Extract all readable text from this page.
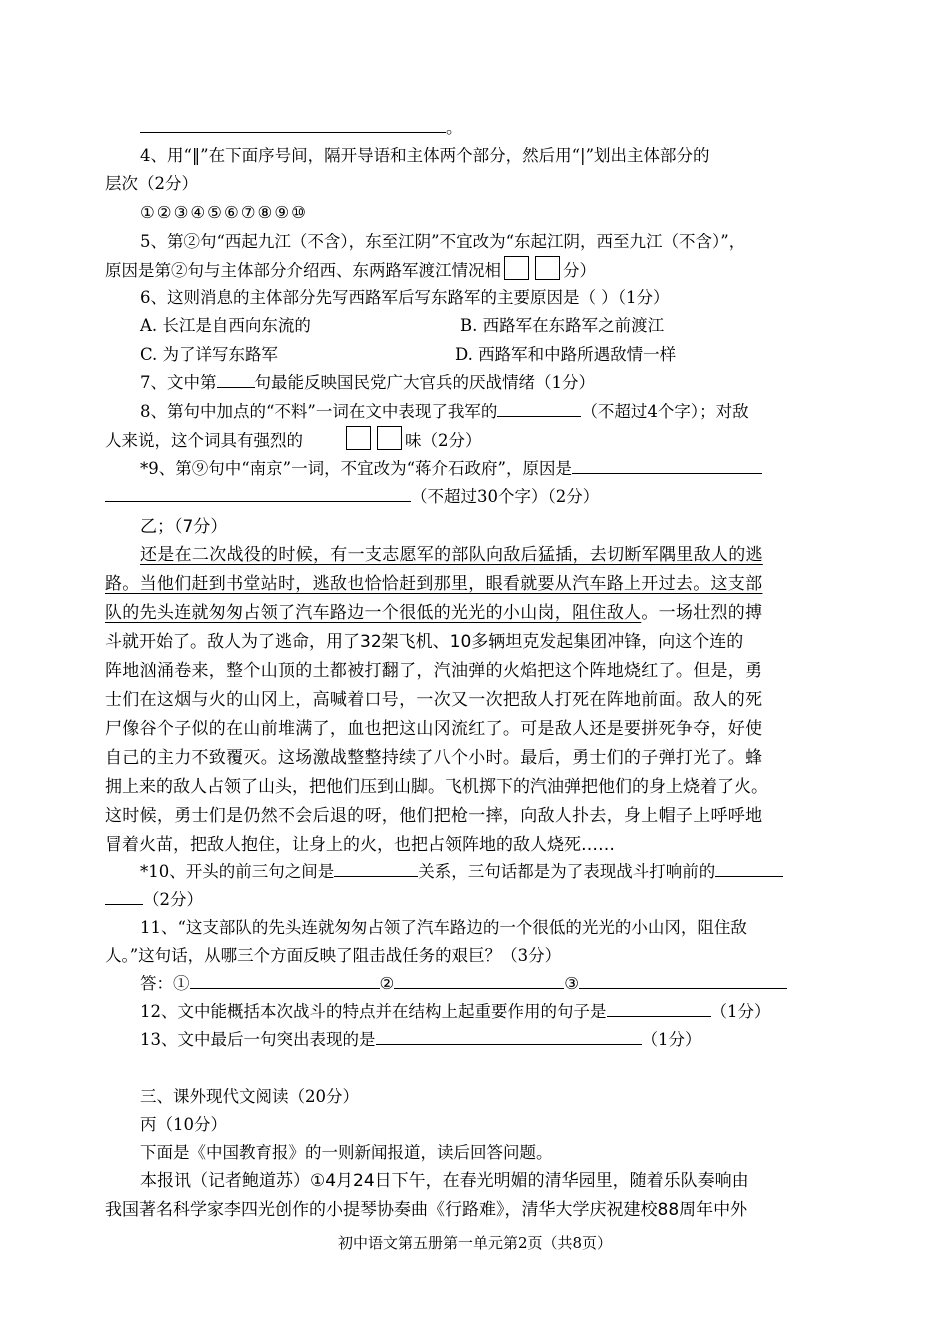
。
4、用“‖”在下面序号间，隔开导语和主体两个部分，然后用“|”划出主体部分的
层次（2分）
①②③④⑤⑥⑦⑧⑨⑩
5、第②句“西起九江（不含），东至江阴”不宜改为“东起江阴，西至九江（不含）”，
原因是第②句与主体部分介绍西、东两路军渡江情况相	分）
6、这则消息的主体部分先写西路军后写东路军的主要原因是（ ）（1分）
A. 长江是自西向东流的	B. 西路军在东路军之前渡江
C. 为了详写东路军	D. 西路军和中路所遇敌情一样
7、文中第 句最能反映国民党广大官兵的厌战情绪（1分）
8、第句中加点的“不料”一词在文中表现了我军的	（不超过4个字）；对敌
人来说，这个词具有强烈的	味（2分）
*9、第⑨句中“南京”一词，不宜改为“蒋介石政府”，原因是
（不超过30个字）（2分）
乙；（7分）
还是在二次战役的时候，有一支志愿军的部队向敌后猛插，去切断军隅里敌人的逃
路。当他们赶到书堂站时，逃敌也恰恰赶到那里，眼看就要从汽车路上开过去。这支部
队的先头连就匆匆占领了汽车路边一个很低的光光的小山岗，阻住敌人。一场壮烈的搏
斗就开始了。敌人为了逃命，用了32架飞机、10多辆坦克发起集团冲锋，向这个连的
阵地汹涌卷来，整个山顶的土都被打翻了，汽油弹的火焰把这个阵地烧红了。但是，勇
士们在这烟与火的山冈上，高喊着口号，一次又一次把敌人打死在阵地前面。敌人的死
尸像谷个子似的在山前堆满了，血也把这山冈流红了。可是敌人还是要拼死争夺，好使
自己的主力不致覆灭。这场激战整整持续了八个小时。最后，勇士们的子弹打光了。蜂
拥上来的敌人占领了山头，把他们压到山脚。飞机掷下的汽油弹把他们的身上烧着了火。
这时候，勇士们是仍然不会后退的呀，他们把枪一摔，向敌人扑去，身上帽子上呼呼地
冒着火苗，把敌人抱住，让身上的火，也把占领阵地的敌人烧死……
*10、开头的前三句之间是	关系，三句话都是为了表现战斗打响前的
（2分）
11、“这支部队的先头连就匆匆占领了汽车路边的一个很低的光光的小山冈，阻住敌
人。”这句话，从哪三个方面反映了阻击战任务的艰巨？（3分）
答：①	②	③
12、文中能概括本次战斗的特点并在结构上起重要作用的句子是	（1分）
13、文中最后一句突出表现的是	（1分）
三、课外现代文阅读（20分）
丙（10分）
下面是《中国教育报》的一则新闻报道，读后回答问题。
本报讯（记者鲍道苏）①4月24日下午，在春光明媚的清华园里，随着乐队奏响由
我国著名科学家李四光创作的小提琴协奏曲《行路难》，清华大学庆祝建校88周年中外
初中语文第五册第一单元第2页（共8页）
